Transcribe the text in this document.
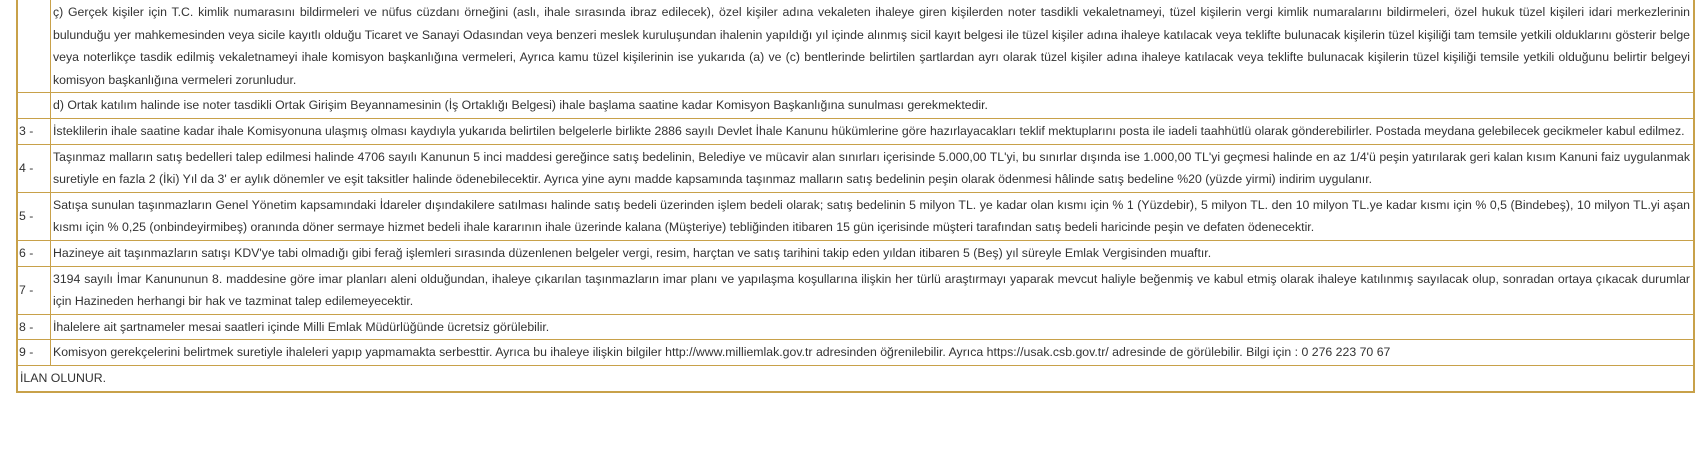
	ç) Gerçek kişiler için T.C. kimlik numarasını bildirmeleri ve nüfus cüzdanı örneğini (aslı, ihale sırasında ibraz edilecek), özel kişiler adına vekaleten ihaleye giren kişilerden noter tasdikli vekaletnameyi, tüzel kişilerin vergi kimlik numaralarını bildirmeleri, özel hukuk tüzel kişileri idari merkezlerinin bulunduğu yer mahkemesinden veya sicile kayıtlı olduğu Ticaret ve Sanayi Odasından veya benzeri meslek kuruluşundan ihalenin yapıldığı yıl içinde alınmış sicil kayıt belgesi ile tüzel kişiler adına ihaleye katılacak veya teklifte bulunacak kişilerin tüzel kişiliği tam temsile yetkili olduklarını gösterir belge veya noterlikçe tasdik edilmiş vekaletnameyi ihale komisyon başkanlığına vermeleri, Ayrıca kamu tüzel kişilerinin ise yukarıda (a) ve (c) bentlerinde belirtilen şartlardan ayrı olarak tüzel kişiler adına ihaleye katılacak veya teklifte bulunacak kişilerin tüzel kişiliği temsile yetkili olduğunu belirtir belgeyi komisyon başkanlığına vermeleri zorunludur.
	d) Ortak katılım halinde ise noter tasdikli Ortak Girişim Beyannamesinin (İş Ortaklığı Belgesi) ihale başlama saatine kadar Komisyon Başkanlığına sunulması gerekmektedir.
3 -	İsteklilerin ihale saatine kadar ihale Komisyonuna ulaşmış olması kaydıyla yukarıda belirtilen belgelerle birlikte 2886 sayılı Devlet İhale Kanunu hükümlerine göre hazırlayacakları teklif mektuplarını posta ile iadeli taahhütlü olarak gönderebilirler. Postada meydana gelebilecek gecikmeler kabul edilmez.
4 -	Taşınmaz malların satış bedelleri talep edilmesi halinde 4706 sayılı Kanunun 5 inci maddesi gereğince satış bedelinin, Belediye ve mücavir alan sınırları içerisinde 5.000,00 TL'yi, bu sınırlar dışında ise 1.000,00 TL'yi geçmesi halinde en az 1/4'ü peşin yatırılarak geri kalan kısım Kanuni faiz uygulanmak suretiyle en fazla 2 (İki) Yıl da 3' er aylık dönemler ve eşit taksitler halinde ödenebilecektir. Ayrıca yine aynı madde kapsamında taşınmaz malların satış bedelinin peşin olarak ödenmesi hâlinde satış bedeline %20 (yüzde yirmi) indirim uygulanır.
5 -	Satışa sunulan taşınmazların Genel Yönetim kapsamındaki İdareler dışındakilere satılması halinde satış bedeli üzerinden işlem bedeli olarak; satış bedelinin 5 milyon TL. ye kadar olan kısmı için % 1 (Yüzdebir), 5 milyon TL. den 10 milyon TL.ye kadar kısmı için % 0,5 (Bindebeş), 10 milyon TL.yi aşan kısmı için % 0,25 (onbindeyirmibeş) oranında döner sermaye hizmet bedeli ihale kararının ihale üzerinde kalana (Müşteriye) tebliğinden itibaren 15 gün içerisinde müşteri tarafından satış bedeli haricinde peşin ve defaten ödenecektir.
6 -	Hazineye ait taşınmazların satışı KDV'ye tabi olmadığı gibi ferağ işlemleri sırasında düzenlenen belgeler vergi, resim, harçtan ve satış tarihini takip eden yıldan itibaren 5 (Beş) yıl süreyle Emlak Vergisinden muaftır.
7 -	3194 sayılı İmar Kanununun 8. maddesine göre imar planları aleni olduğundan, ihaleye çıkarılan taşınmazların imar planı ve yapılaşma koşullarına ilişkin her türlü araştırmayı yaparak mevcut haliyle beğenmiş ve kabul etmiş olarak ihaleye katılınmış sayılacak olup, sonradan ortaya çıkacak durumlar için Hazineden herhangi bir hak ve tazminat talep edilemeyecektir.
8 -	İhalelere ait şartnameler mesai saatleri içinde Milli Emlak Müdürlüğünde ücretsiz görülebilir.
9 -	Komisyon gerekçelerini belirtmek suretiyle ihaleleri yapıp yapmamakta serbesttir. Ayrıca bu ihaleye ilişkin bilgiler http://www.milliemlak.gov.tr adresinden öğrenilebilir. Ayrıca https://usak.csb.gov.tr/ adresinde de görülebilir. Bilgi için : 0 276 223 70 67
İLAN OLUNUR.	
